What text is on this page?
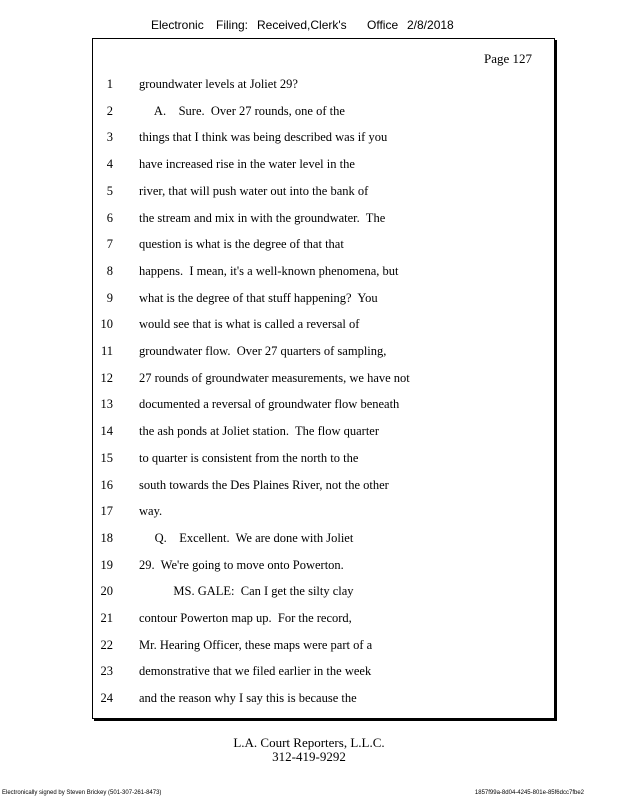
Electronic Filing: Received,Clerk's Office 2/8/2018
Page 127
1 groundwater levels at Joliet 29?
2 A.    Sure.  Over 27 rounds, one of the
3 things that I think was being described was if you
4 have increased rise in the water level in the
5 river, that will push water out into the bank of
6 the stream and mix in with the groundwater.  The
7 question is what is the degree of that that
8 happens.  I mean, it's a well-known phenomena, but
9 what is the degree of that stuff happening?  You
10 would see that is what is called a reversal of
11 groundwater flow.  Over 27 quarters of sampling,
12 27 rounds of groundwater measurements, we have not
13 documented a reversal of groundwater flow beneath
14 the ash ponds at Joliet station.  The flow quarter
15 to quarter is consistent from the north to the
16 south towards the Des Plaines River, not the other
17 way.
18 Q.    Excellent.  We are done with Joliet
19 29.  We're going to move onto Powerton.
20 MS. GALE:  Can I get the silty clay
21 contour Powerton map up.  For the record,
22 Mr. Hearing Officer, these maps were part of a
23 demonstrative that we filed earlier in the week
24 and the reason why I say this is because the
L.A. Court Reporters, L.L.C.
312-419-9292
Electronically signed by Steven Brickey (501-307-261-8473)	1857f99a-8d04-4245-801e-85f6dcc7fbe2
